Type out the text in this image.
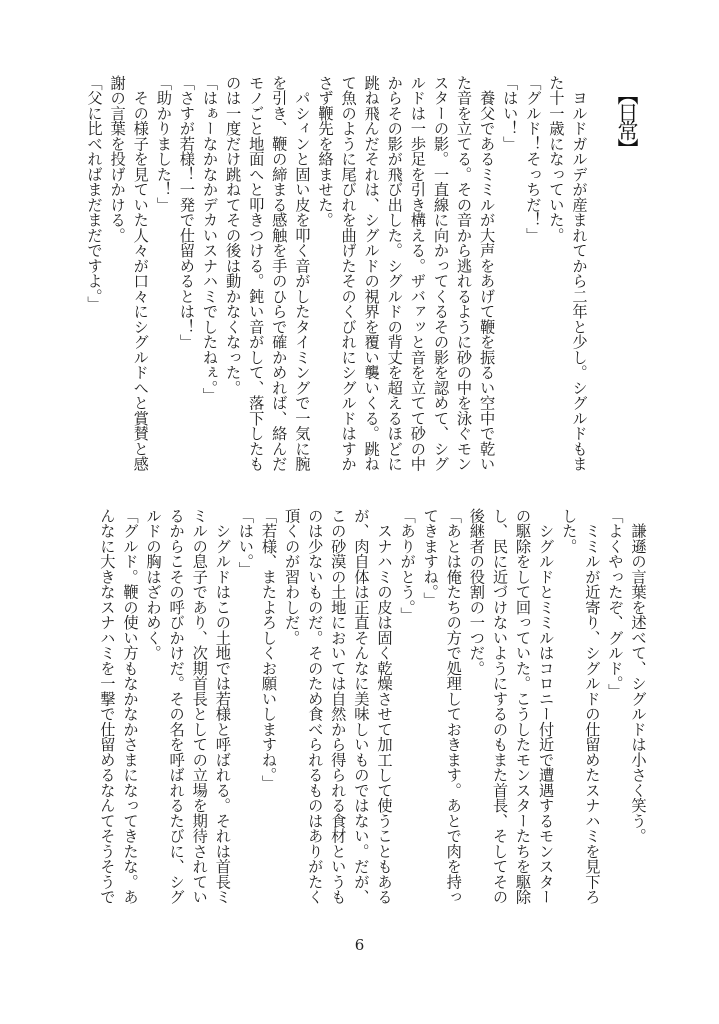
【日常】
　ヨルドガルデが産まれてから二年と少し。シグルドもま
た十一歳になっていた。
「グルド！そっちだ！」
「はい！」
　養父であるミミルが大声をあげて鞭を振るい空中で乾い
た音を立てる。その音から逃れるように砂の中を泳ぐモン
スターの影。一直線に向かってくるその影を認めて、シグ
ルドは一歩足を引き構える。ザバァッと音を立てて砂の中
からその影が飛び出した。シグルドの背丈を超えるほどに
跳ね飛んだそれは、シグルドの視界を覆い襲いくる。跳ね
て魚のように尾びれを曲げたそのくびれにシグルドはすか
さず鞭先を絡ませた。
　パシィンと固い皮を叩く音がしたタイミングで一気に腕
を引き、鞭の締まる感触を手のひらで確かめれば、絡んだ
モノごと地面へと叩きつける。鈍い音がして、落下したも
のは一度だけ跳ねてその後は動かなくなった。
「はぁーなかなかデカいスナハミでしたねぇ。」
「さすが若様！一発で仕留めるとは！」
「助かりました！」
　その様子を見ていた人々が口々にシグルドへと賞賛と感
謝の言葉を投げかける。
「父に比べればまだまだですよ。」
　謙遜の言葉を述べて、シグルドは小さく笑う。
「よくやったぞ、グルド。」
　ミミルが近寄り、シグルドの仕留めたスナハミを見下ろ
した。
　シグルドとミミルはコロニー付近で遭遇するモンスター
の駆除をして回っていた。こうしたモンスターたちを駆除
し、民に近づけないようにするのもまた首長、そしてその
後継者の役割の一つだ。
「あとは俺たちの方で処理しておきます。あとで肉を持っ
てきますね。」
「ありがとう。」
　スナハミの皮は固く乾燥させて加工して使うこともある
が、肉自体は正直そんなに美味しいものではない。だが、
この砂漠の土地においては自然から得られる食材というも
のは少ないものだ。そのため食べられるものはありがたく
頂くのが習わしだ。
「若様、またよろしくお願いしますね。」
「はい。」
　シグルドはこの土地では若様と呼ばれる。それは首長ミ
ミルの息子であり、次期首長としての立場を期待されてい
るからこその呼びかけだ。その名を呼ばれるたびに、シグ
ルドの胸はざわめく。
「グルド。鞭の使い方もなかなかさまになってきたな。あ
んなに大きなスナハミを一撃で仕留めるなんてそうそうで
6
